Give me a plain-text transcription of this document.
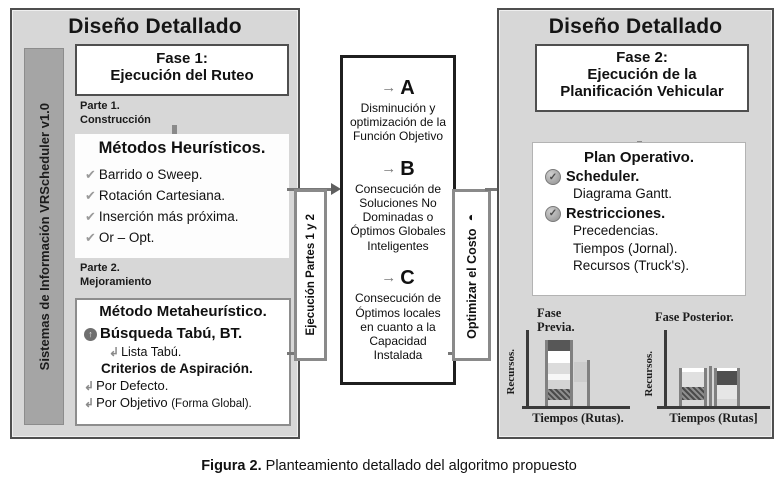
Diseño Detallado
Sistemas de Información VRScheduler v1.0
Fase 1:
Ejecución del Ruteo
Parte 1.
Construcción
Métodos Heurísticos.
✔ Barrido o Sweep.
✔ Rotación Cartesiana.
✔ Inserción más próxima.
✔ Or – Opt.
Parte 2.
Mejoramiento
Método Metaheurístico.
↑ Búsqueda Tabú, BT.
↲ Lista Tabú.
Criterios de Aspiración.
↲ Por Defecto.
↲ Por Objetivo (Forma Global).
Ejecución Partes 1 y 2
→ A
Disminución y optimización de la Función Objetivo
→ B
Consecución de Soluciones No Dominadas o Óptimos Globales Inteligentes
→ C
Consecución de Óptimos locales en cuanto a la Capacidad Instalada
Optimizar el Costo ◑
Diseño Detallado
Fase 2:
Ejecución de la
Planificación Vehicular
Plan Operativo.
✓ Scheduler.
Diagrama Gantt.
✓ Restricciones.
Precedencias.
Tiempos (Jornal).
Recursos (Truck's).
Fase
Previa.
Recursos.
Tiempos (Rutas).
Fase Posterior.
Recursos.
Tiempos (Rutas]
Figura 2. Planteamiento detallado del algoritmo propuesto
